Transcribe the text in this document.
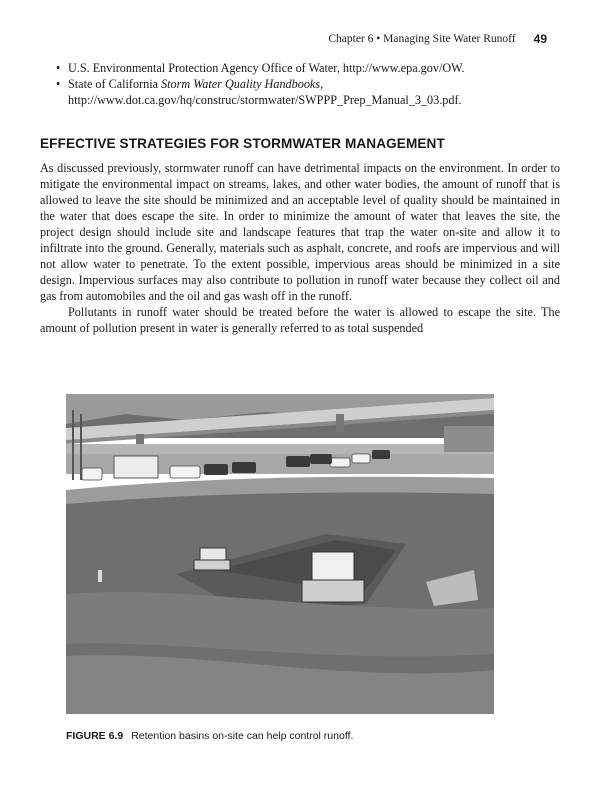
Chapter 6 • Managing Site Water Runoff 49
• U.S. Environmental Protection Agency Office of Water, http://www.epa.gov/OW.
• State of California Storm Water Quality Handbooks, http://www.dot.ca.gov/hq/construc/stormwater/SWPPP_Prep_Manual_3_03.pdf.
EFFECTIVE STRATEGIES FOR STORMWATER MANAGEMENT

As discussed previously, stormwater runoff can have detrimental impacts on the environment. In order to mitigate the environmental impact on streams, lakes, and other water bodies, the amount of runoff that is allowed to leave the site should be minimized and an acceptable level of quality should be maintained in the water that does escape the site. In order to minimize the amount of water that leaves the site, the project design should include site and landscape features that trap the water on-site and allow it to infiltrate into the ground. Generally, materials such as asphalt, concrete, and roofs are impervious and will not allow water to penetrate. To the extent possible, impervious areas should be minimized in a site design. Impervious surfaces may also contribute to pollution in runoff water because they collect oil and gas from automobiles and the oil and gas wash off in the runoff.

Pollutants in runoff water should be treated before the water is allowed to escape the site. The amount of pollution present in water is generally referred to as total suspended

FIGURE 6.9 Retention basins on-site can help control runoff.
